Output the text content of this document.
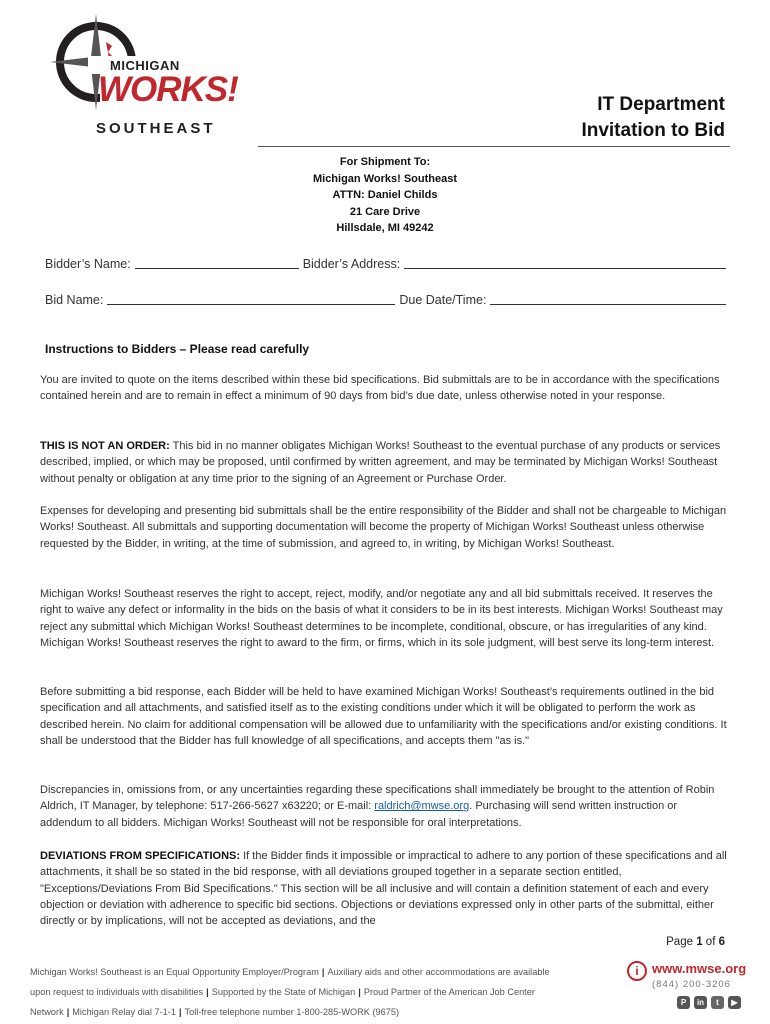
MICHIGAN
WORKS!
SOUTHEAST
IT Department
Invitation to Bid
For Shipment To:
Michigan Works! Southeast
ATTN: Daniel Childs
21 Care Drive
Hillsdale, MI 49242
Bidder’s Name:	Bidder’s Address:
Bid Name:	Due Date/Time:
Instructions to Bidders – Please read carefully
You are invited to quote on the items described within these bid specifications. Bid submittals are to be in accordance with the specifications contained herein and are to remain in effect a minimum of 90 days from bid’s due date, unless otherwise noted in your response.
THIS IS NOT AN ORDER: This bid in no manner obligates Michigan Works! Southeast to the eventual purchase of any products or services described, implied, or which may be proposed, until confirmed by written agreement, and may be terminated by Michigan Works! Southeast without penalty or obligation at any time prior to the signing of an Agreement or Purchase Order.
Expenses for developing and presenting bid submittals shall be the entire responsibility of the Bidder and shall not be chargeable to Michigan Works! Southeast. All submittals and supporting documentation will become the property of Michigan Works! Southeast unless otherwise requested by the Bidder, in writing, at the time of submission, and agreed to, in writing, by Michigan Works! Southeast.
Michigan Works! Southeast reserves the right to accept, reject, modify, and/or negotiate any and all bid submittals received. It reserves the right to waive any defect or informality in the bids on the basis of what it considers to be in its best interests. Michigan Works! Southeast may reject any submittal which Michigan Works! Southeast determines to be incomplete, conditional, obscure, or has irregularities of any kind. Michigan Works! Southeast reserves the right to award to the firm, or firms, which in its sole judgment, will best serve its long-term interest.
Before submitting a bid response, each Bidder will be held to have examined Michigan Works! Southeast’s requirements outlined in the bid specification and all attachments, and satisfied itself as to the existing conditions under which it will be obligated to perform the work as described herein. No claim for additional compensation will be allowed due to unfamiliarity with the specifications and/or existing conditions. It shall be understood that the Bidder has full knowledge of all specifications, and accepts them "as is."
Discrepancies in, omissions from, or any uncertainties regarding these specifications shall immediately be brought to the attention of Robin Aldrich, IT Manager, by telephone: 517-266-5627 x63220; or E-mail: raldrich@mwse.org. Purchasing will send written instruction or addendum to all bidders. Michigan Works! Southeast will not be responsible for oral interpretations.
DEVIATIONS FROM SPECIFICATIONS: If the Bidder finds it impossible or impractical to adhere to any portion of these specifications and all attachments, it shall be so stated in the bid response, with all deviations grouped together in a separate section entitled, "Exceptions/Deviations From Bid Specifications." This section will be all inclusive and will contain a definition statement of each and every objection or deviation with adherence to specific bid sections. Objections or deviations expressed only in other parts of the submittal, either directly or by implications, will not be accepted as deviations, and the
Page 1 of 6
Michigan Works! Southeast is an Equal Opportunity Employer/Program | Auxiliary aids and other accommodations are available
upon request to individuals with disabilities | Supported by the State of Michigan | Proud Partner of the American Job Center
Network | Michigan Relay dial 7-1-1 | Toll-free telephone number 1-800-285-WORK (9675)
i	www.mwse.org
(844) 200-3206
P	in	t	▶
